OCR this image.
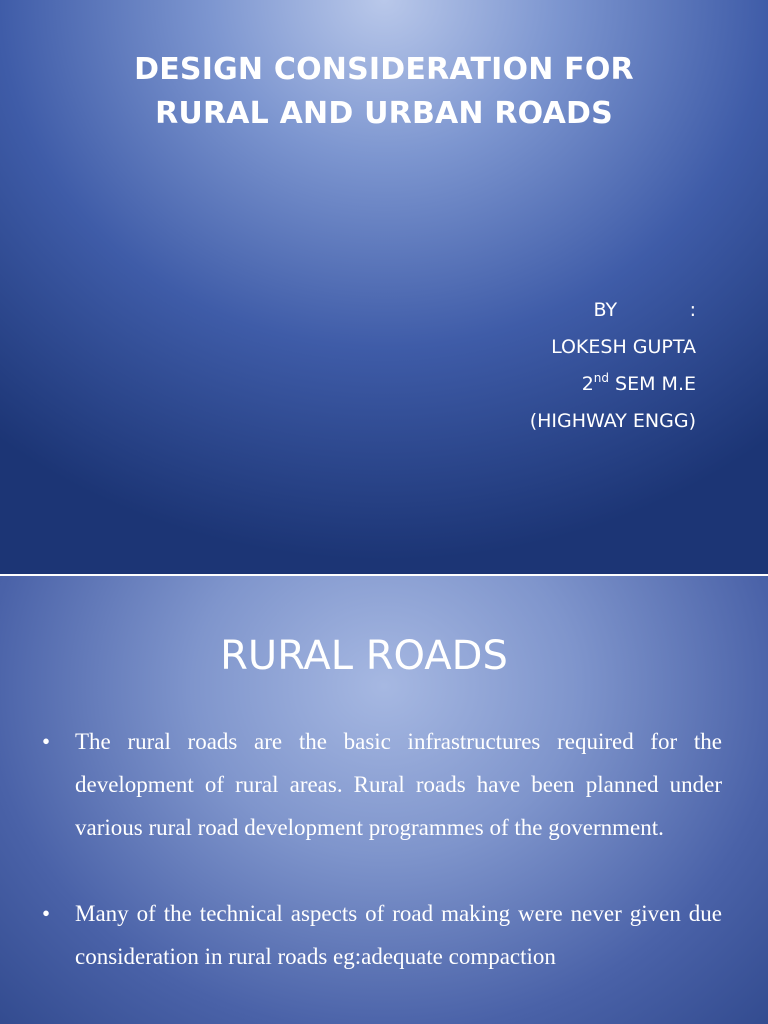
DESIGN CONSIDERATION FOR
RURAL AND URBAN ROADS
BY            :
LOKESH GUPTA
2nd SEM M.E
(HIGHWAY ENGG)
RURAL ROADS
• The rural roads are the basic infrastructures required for the development of rural areas. Rural roads have been planned under various rural road development programmes of the government.
• Many of the technical aspects of road making were never given due consideration in rural roads eg:adequate compaction
